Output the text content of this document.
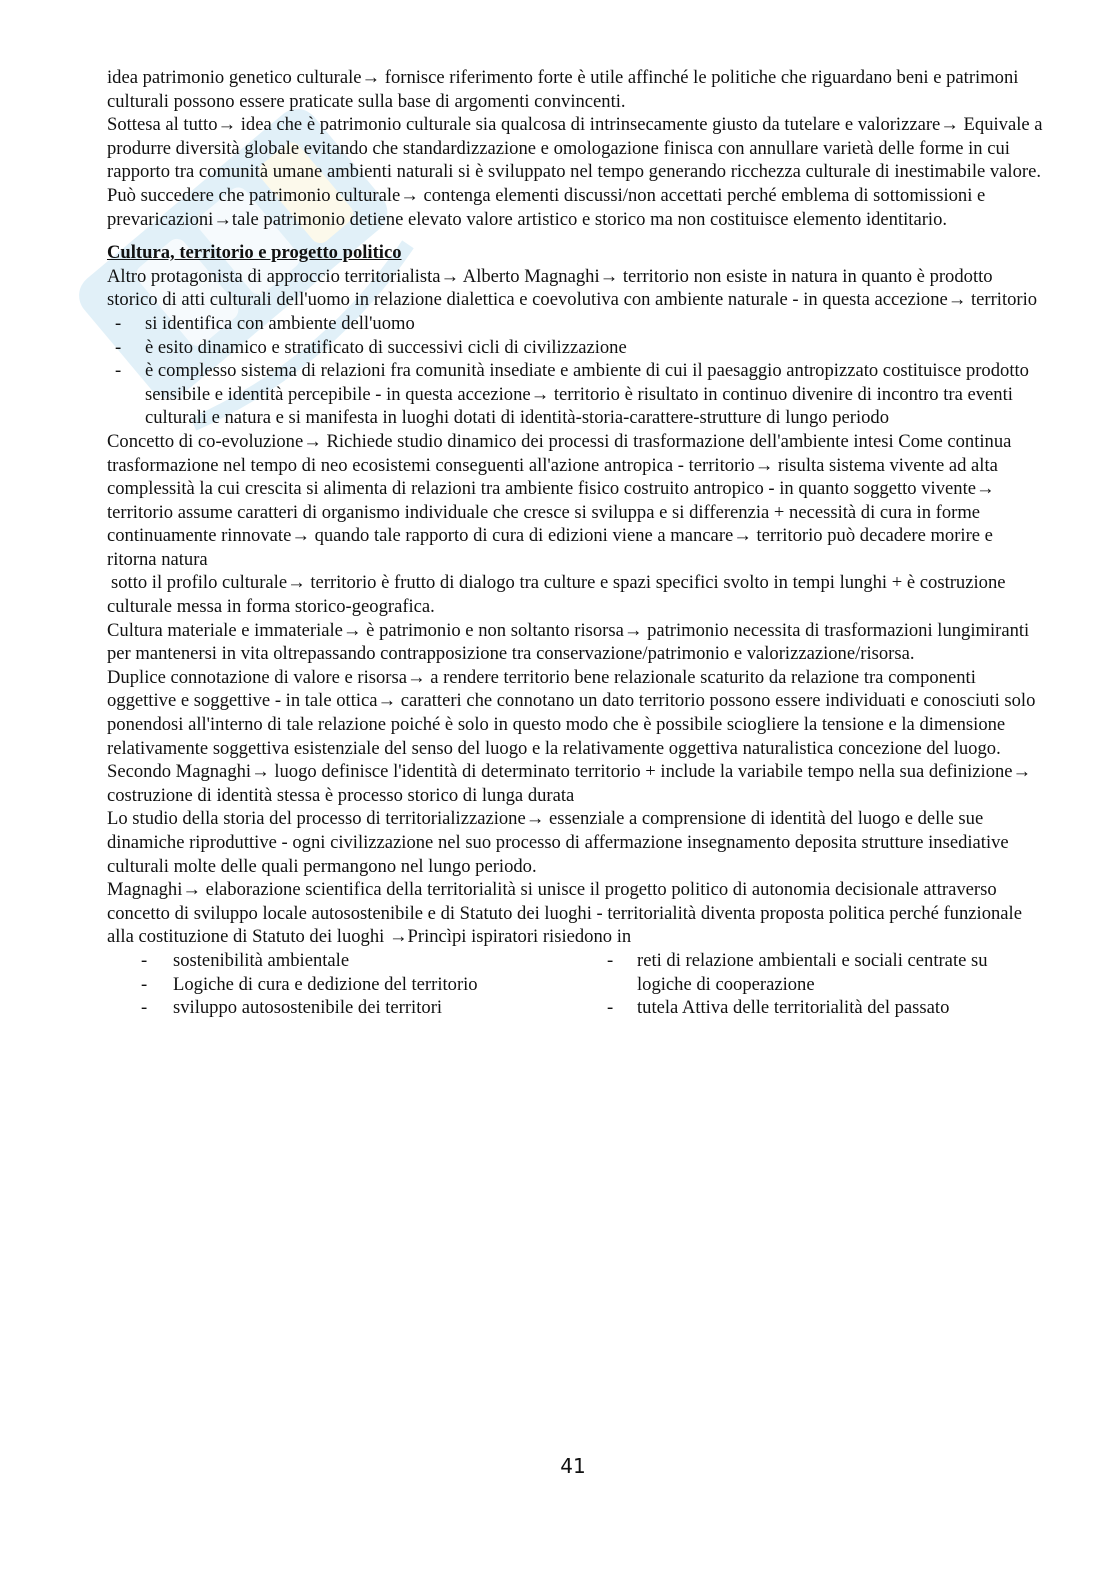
idea patrimonio genetico culturale→ fornisce riferimento forte è utile affinché le politiche che riguardano beni e patrimoni culturali possono essere praticate sulla base di argomenti convincenti.

Sottesa al tutto→ idea che è patrimonio culturale sia qualcosa di intrinsecamente giusto da tutelare e valorizzare→ Equivale a produrre diversità globale evitando che standardizzazione e omologazione finisca con annullare varietà delle forme in cui rapporto tra comunità umane ambienti naturali si è sviluppato nel tempo generando ricchezza culturale di inestimabile valore.

Può succedere che patrimonio culturale→ contenga elementi discussi/non accettati perché emblema di sottomissioni e prevaricazioni→tale patrimonio detiene elevato valore artistico e storico ma non costituisce elemento identitario.

Cultura, territorio e progetto politico

Altro protagonista di approccio territorialista→ Alberto Magnaghi→ territorio non esiste in natura in quanto è prodotto storico di atti culturali dell'uomo in relazione dialettica e coevolutiva con ambiente naturale - in questa accezione→ territorio

- si identifica con ambiente dell'uomo
- è esito dinamico e stratificato di successivi cicli di civilizzazione
- è complesso sistema di relazioni fra comunità insediate e ambiente di cui il paesaggio antropizzato costituisce prodotto sensibile e identità percepibile - in questa accezione→ territorio è risultato in continuo divenire di incontro tra eventi culturali e natura e si manifesta in luoghi dotati di identità-storia-carattere-strutture di lungo periodo

Concetto di co-evoluzione→ Richiede studio dinamico dei processi di trasformazione dell'ambiente intesi Come continua trasformazione nel tempo di neo ecosistemi conseguenti all'azione antropica - territorio→ risulta sistema vivente ad alta complessità la cui crescita si alimenta di relazioni tra ambiente fisico costruito antropico - in quanto soggetto vivente→ territorio assume caratteri di organismo individuale che cresce si sviluppa e si differenzia + necessità di cura in forme continuamente rinnovate→ quando tale rapporto di cura di edizioni viene a mancare→ territorio può decadere morire e ritorna natura

sotto il profilo culturale→ territorio è frutto di dialogo tra culture e spazi specifici svolto in tempi lunghi + è costruzione culturale messa in forma storico-geografica.

Cultura materiale e immateriale→ è patrimonio e non soltanto risorsa→ patrimonio necessita di trasformazioni lungimiranti per mantenersi in vita oltrepassando contrapposizione tra conservazione/patrimonio e valorizzazione/risorsa.

Duplice connotazione di valore e risorsa→ a rendere territorio bene relazionale scaturito da relazione tra componenti oggettive e soggettive - in tale ottica→ caratteri che connotano un dato territorio possono essere individuati e conosciuti solo ponendosi all'interno di tale relazione poiché è solo in questo modo che è possibile sciogliere la tensione e la dimensione relativamente soggettiva esistenziale del senso del luogo e la relativamente oggettiva naturalistica concezione del luogo.

Secondo Magnaghi→ luogo definisce l'identità di determinato territorio + include la variabile tempo nella sua definizione→ costruzione di identità stessa è processo storico di lunga durata

Lo studio della storia del processo di territorializzazione→ essenziale a comprensione di identità del luogo e delle sue dinamiche riproduttive - ogni civilizzazione nel suo processo di affermazione insegnamento deposita strutture insediative culturali molte delle quali permangono nel lungo periodo.

Magnaghi→ elaborazione scientifica della territorialità si unisce il progetto politico di autonomia decisionale attraverso concetto di sviluppo locale autosostenibile e di Statuto dei luoghi - territorialità diventa proposta politica perché funzionale alla costituzione di Statuto dei luoghi →Princìpi ispiratori risiedono in

- sostenibilità ambientale
- Logiche di cura e dedizione del territorio
- sviluppo autosostenibile dei territori
- reti di relazione ambientali e sociali centrate su logiche di cooperazione
- tutela Attiva delle territorialità del passato
41
